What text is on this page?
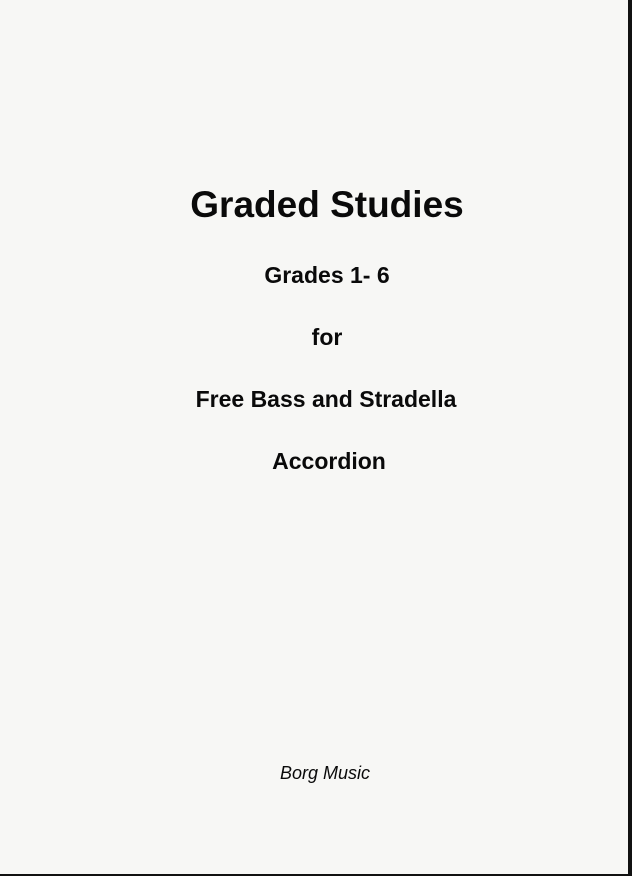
Graded Studies
Grades 1- 6
for
Free Bass and Stradella
Accordion
Borg Music
